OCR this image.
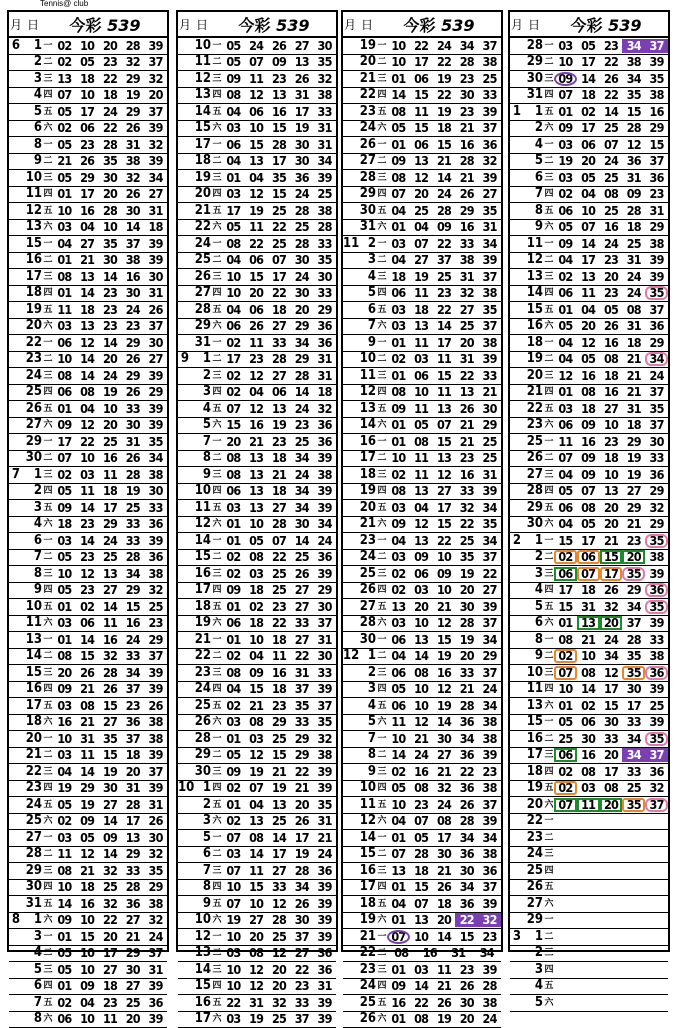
Tennis@ club
月 日	今彩 539
6	1 一 02 10 20 28 39
2 二 02 05 23 32 37
3 三 13 18 22 29 32
4 四 07 10 18 19 20
5 五 05 17 24 29 37
6 六 02 06 22 26 39
8 一 05 23 28 31 32
9 二 21 26 35 38 39
10 三 05 29 30 32 34
11 四 01 17 20 26 27
12 五 10 16 28 30 31
13 六 03 04 10 14 18
15 一 04 27 35 37 39
16 二 01 21 30 38 39
17 三 08 13 14 16 30
18 四 01 14 23 30 31
19 五 11 18 23 24 26
20 六 03 13 23 23 37
22 一 06 12 14 29 30
23 二 10 14 20 26 27
24 三 08 14 24 29 39
25 四 06 08 19 26 29
26 五 01 04 10 33 39
27 六 09 12 20 30 39
29 一 17 22 25 31 35
30 二 07 10 16 26 34
7	1 三 02 03 11 28 38
2 四 05 11 18 19 30
3 五 09 14 17 25 33
4 六 18 23 29 33 36
6 一 03 14 24 33 39
7 二 05 23 25 28 36
8 三 10 12 13 34 38
9 四 05 23 27 29 32
10 五 01 02 14 15 25
11 六 03 06 11 16 23
13 一 01 14 16 24 29
14 二 08 15 32 33 37
15 三 20 26 28 34 39
16 四 09 21 26 37 39
17 五 03 08 15 23 26
18 六 16 21 27 36 38
20 一 10 31 35 37 38
21 二 03 11 15 18 39
22 三 04 14 19 20 37
23 四 19 29 30 31 39
24 五 05 19 27 28 31
25 六 02 09 14 17 26
27 一 03 05 09 13 30
28 二 11 12 14 29 32
29 三 08 21 32 33 35
30 四 10 18 25 28 29
31 五 14 16 32 36 38
8	1 六 09 10 22 27 32
3 一 01 15 20 21 24
4 二 05 10 17 29 37
5 三 05 10 27 30 31
6 四 01 09 18 27 39
7 五 02 04 23 25 36
8 六 06 10 11 20 39
月 日	今彩 539
10 一 05 24 26 27 30
11 二 05 07 09 13 35
12 三 09 11 23 26 32
13 四 08 12 13 31 38
14 五 04 06 16 17 33
15 六 03 10 15 19 31
17 一 06 15 28 30 31
18 二 04 13 17 30 34
19 三 01 04 35 36 39
20 四 03 12 15 24 25
21 五 17 19 25 28 38
22 六 05 11 22 25 28
24 一 08 22 25 28 33
25 二 04 06 07 30 35
26 三 10 15 17 24 30
27 四 10 20 22 30 33
28 五 04 06 18 20 29
29 六 06 26 27 29 36
31 一 02 11 33 34 36
9	1 二 17 23 28 29 31
2 三 02 12 27 28 31
3 四 02 04 06 14 18
4 五 07 12 13 24 32
5 六 15 16 19 23 36
7 一 20 21 23 25 36
8 二 08 13 18 34 39
9 三 08 13 21 24 38
10 四 06 13 18 34 39
11 五 03 13 27 34 39
12 六 01 10 28 30 34
14 一 01 05 07 14 24
15 二 02 08 22 25 36
16 三 02 03 25 26 39
17 四 09 18 25 27 29
18 五 01 02 23 27 30
19 六 06 18 22 33 37
21 一 01 10 18 27 31
22 二 02 04 11 22 30
23 三 08 09 16 31 33
24 四 04 15 18 37 39
25 五 02 21 23 35 37
26 六 03 08 29 33 35
28 一 01 03 25 29 32
29 二 05 12 15 29 38
30 三 09 19 21 22 39
10 1 四 02 07 19 21 39
2 五 01 04 13 20 35
3 六 02 13 25 26 31
5 一 07 08 14 17 21
6 二 03 14 17 19 24
7 三 07 11 27 28 36
8 四 10 15 33 34 39
9 五 07 10 12 26 39
10 六 19 27 28 30 39
12 一 10 20 25 37 39
13 二 03 08 12 27 36
14 三 10 12 20 22 36
15 四 10 12 20 23 31
16 五 22 31 32 33 39
17 六 03 19 25 37 39
月 日	今彩 539
19 一 10 22 24 34 37
20 二 10 17 22 28 38
21 三 01 06 19 23 25
22 四 14 15 22 30 33
23 五 08 11 19 23 39
24 六 05 15 18 21 37
26 一 01 06 15 16 36
27 二 09 13 21 28 32
28 三 08 12 14 21 39
29 四 07 20 24 26 27
30 五 04 25 28 29 35
31 六 01 04 09 16 31
11 2 一 03 07 22 33 34
3 二 04 27 37 38 39
4 三 18 19 25 31 37
5 四 06 11 23 32 38
6 五 03 18 22 27 35
7 六 03 13 14 25 37
9 一 01 11 17 20 38
10 二 02 03 11 31 39
11 三 01 06 15 22 33
12 四 08 10 11 13 21
13 五 09 11 13 26 30
14 六 01 05 07 21 29
16 一 01 08 15 21 25
17 二 10 11 13 23 25
18 三 02 11 12 16 31
19 四 08 13 27 33 39
20 五 03 04 17 32 34
21 六 09 12 15 22 35
23 一 04 13 22 25 34
24 二 03 09 10 35 37
25 三 02 06 09 19 22
26 四 02 03 10 20 27
27 五 13 20 21 30 39
28 六 03 10 12 28 37
30 一 06 13 15 19 34
12 1 二 04 14 19 20 29
2 三 06 08 16 33 37
3 四 05 10 12 21 24
4 五 06 10 19 28 34
5 六 11 12 14 36 38
7 一 10 21 30 34 38
8 二 14 24 27 36 39
9 三 02 16 21 22 23
10 四 05 08 32 36 38
11 五 10 23 24 26 37
12 六 04 07 08 28 39
14 一 01 05 17 34 34
15 二 07 28 30 36 38
16 三 13 18 21 30 36
17 四 01 15 26 34 37
18 五 04 07 18 36 39
19 六 01 13 20 22 32
21 一 07 10 14 15 23
22 二 08	16	31	34
23 三 01 03 11 23 39
24 四 09 14 21 26 28
25 五 16 22 26 30 38
26 六 01 08 19 20 24
月 日	今彩 539
28 一 03 05 23 34 37
29 二 10 17 22 38 39
30 三 09 14 26 34 35
31 四 07 18 22 35 38
1	1 五 01 02 14 15 16
2 六 09 17 25 28 29
4 一 03 06 07 12 15
5 二 19 20 24 36 37
6 三 03 05 25 31 36
7 四 02 04 08 09 23
8 五 06 10 25 28 31
9 六 05 07 16 18 29
11 一 09 14 24 25 38
12 二 04 17 23 31 39
13 三 02 13 20 24 39
14 四 06 11 23 24 35
15 五 01 04 05 08 37
16 六 05 20 26 31 36
18 一 04 12 16 18 29
19 二 04 05 08 21 34
20 三 12 16 18 21 24
21 四 01 08 16 21 37
22 五 03 18 27 31 35
23 六 06 09 10 18 37
25 一 11 16 23 29 30
26 二 07 09 18 19 33
27 三 04 09 10 19 36
28 四 05 07 13 27 29
29 五 06 08 20 29 32
30 六 04 05 20 21 29
2	1 一 15 17 21 23 35
2 二 02 06 15 20 38
3 三 06 07 17 35 39
4 四 17 18 26 29 36
5 五 15 31 32 34 35
6 六 01 13 20 37 39
8 一 08 21 24 28 33
9 二 02 10 34 35 38
10 三 07 08 12 35 36
11 四 10 14 17 30 39
13 六 01 02 15 17 25
15 一 05 06 30 33 39
16 二 25 30 33 34 35
17 三 06 16 20 34 37
18 四 02 08 17 33 36
19 五 02 03 08 25 32
20 六 07 11 20 35 37
22 一
23 二
24 三
25 四
26 五
27 六
29 一
3	1 二
2 三
3 四
4 五
5 六
